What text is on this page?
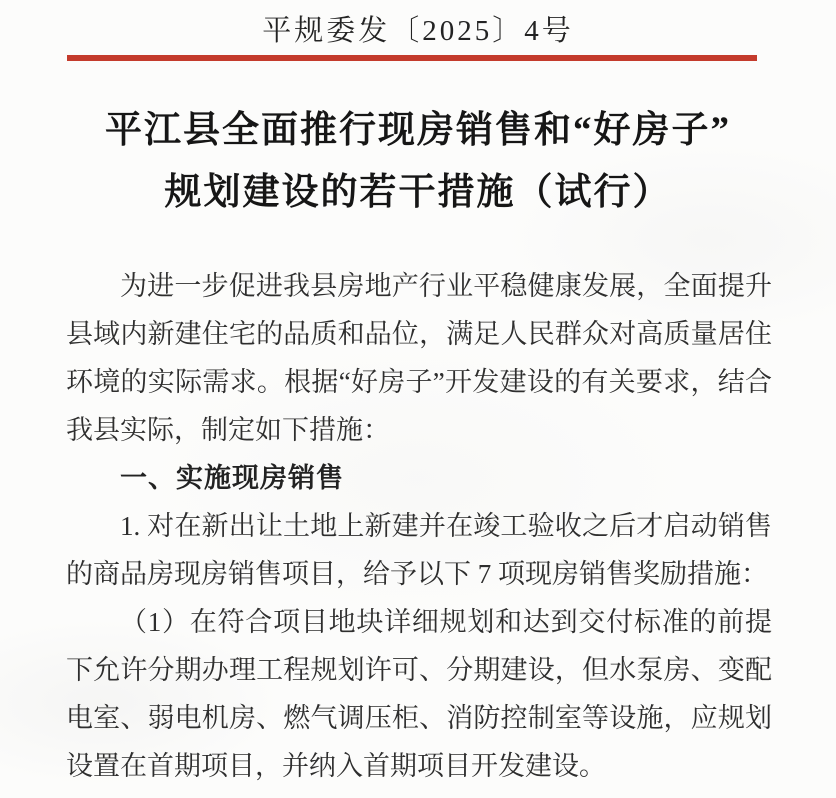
平规委发〔2025〕4号
平江县全面推行现房销售和“好房子”
规划建设的若干措施（试行）

为进一步促进我县房地产行业平稳健康发展，全面提升县域内新建住宅的品质和品位，满足人民群众对高质量居住环境的实际需求。根据“好房子”开发建设的有关要求，结合我县实际，制定如下措施：

一、实施现房销售

1. 对在新出让土地上新建并在竣工验收之后才启动销售的商品房现房销售项目，给予以下 7 项现房销售奖励措施：

（1）在符合项目地块详细规划和达到交付标准的前提下允许分期办理工程规划许可、分期建设，但水泵房、变配电室、弱电机房、燃气调压柜、消防控制室等设施，应规划设置在首期项目，并纳入首期项目开发建设。
